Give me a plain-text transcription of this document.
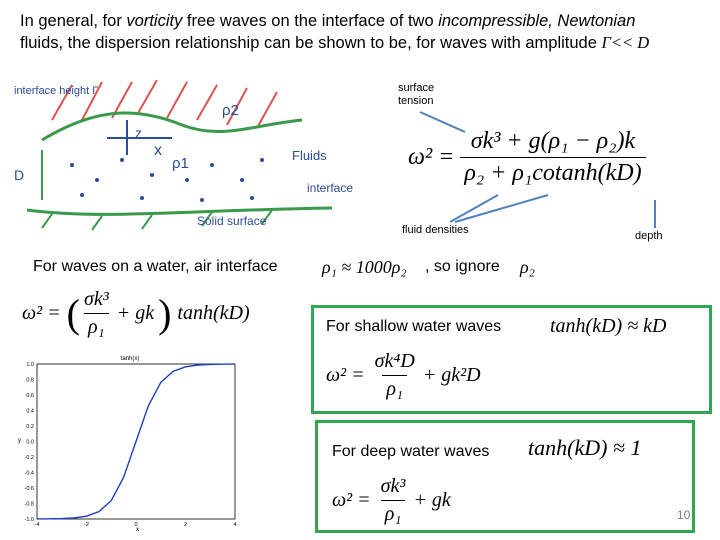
In general, for vorticity free waves on the interface of two incompressible, Newtonian
fluids, the dispersion relationship can be shown to be, for waves with amplitude Γ<< D
interface height Γ
ρ2
z
x
ρ1
D
Fluids
interface
Solid surface
surface
tension
fluid densities	depth
$\omega^2 = \frac{\text{σk³ + g(ρ₁ − ρ₂)k}}{\text{ρ₂ + ρ₁cotanh(kD)}}$
For waves on a water, air interface ρ₁ ≈ 1000ρ₂ , so ignore ρ₂
ω² = ( $\frac{\text{σk³}}{\text{ρ₁}}$ + gk ) tanh(kD)
tanh(x)
1.0
0.8
0.6
0.4
0.2
0.0
-0.2
-0.4
-0.6
-0.8
-1.0
-4	-2	0	2	4
y
x
For shallow water waves tanh(kD) ≈ kD
$\omega^2 = \frac{\text{σk⁴D}}{\text{ρ₁}} + gk^2D$
For deep water waves tanh(kD) ≈ 1
$\omega^2 = \frac{\text{σk³}}{\text{ρ₁}}$ + gk
10
